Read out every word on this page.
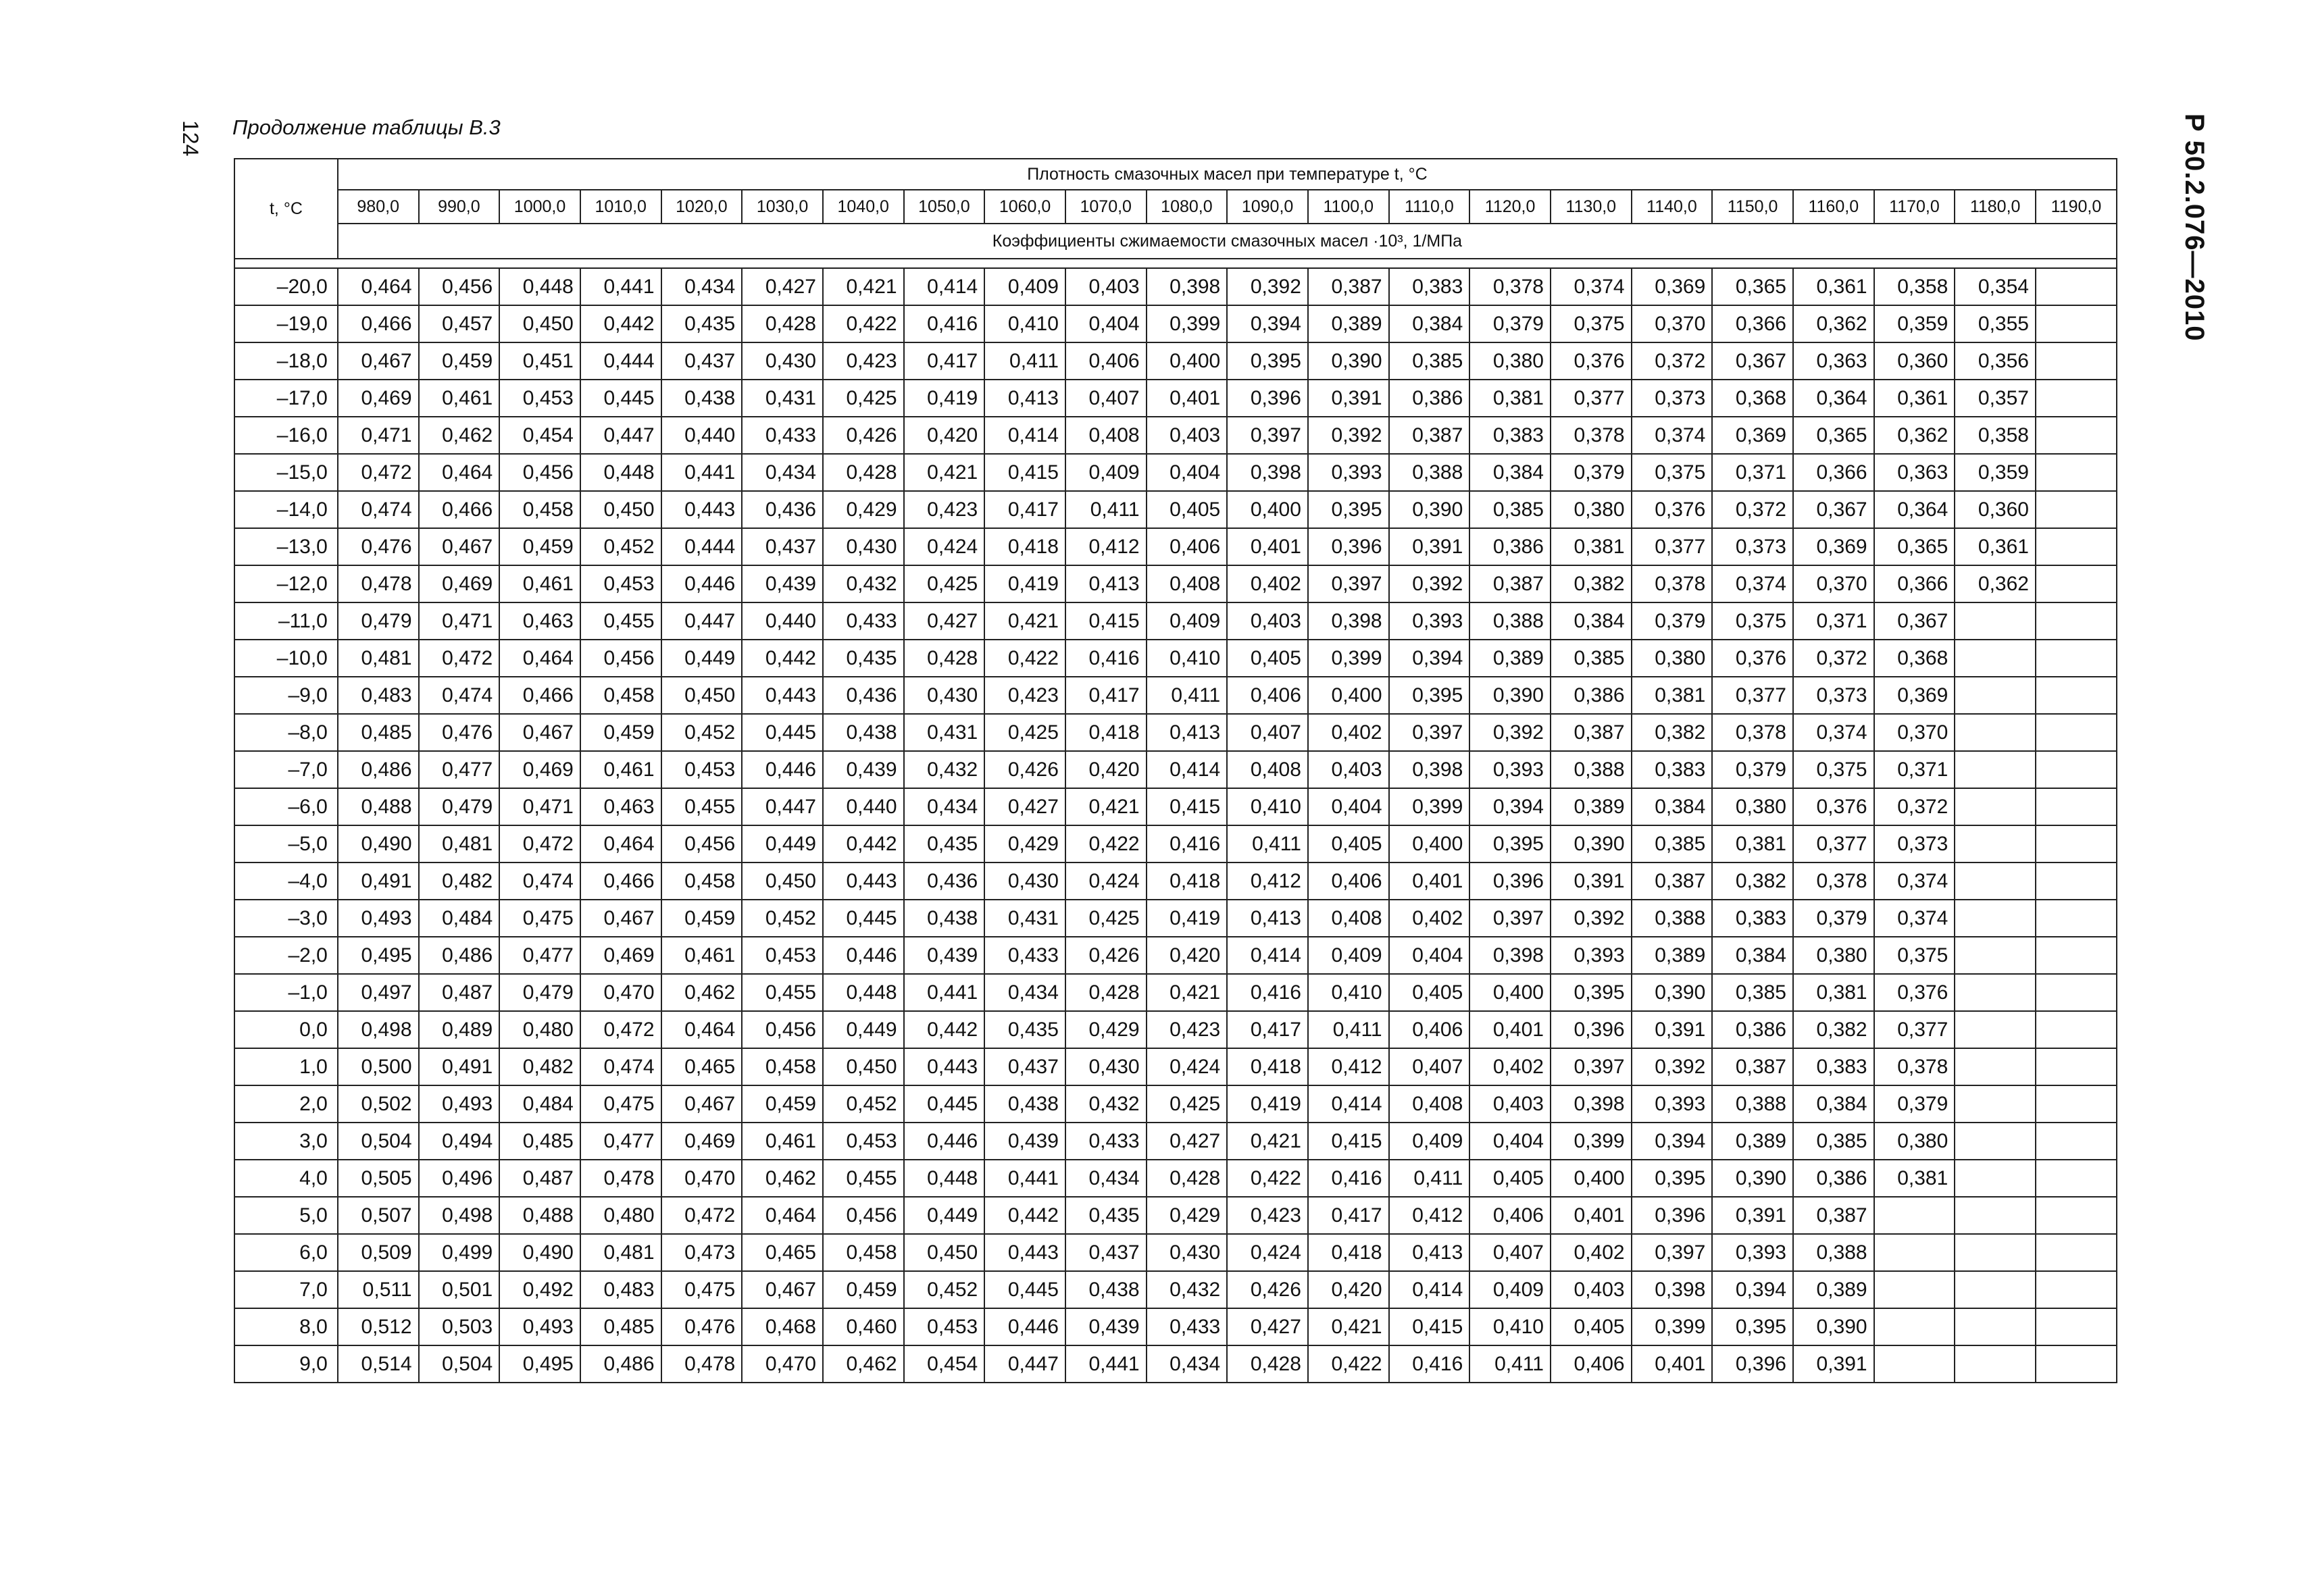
124 Продолжение таблицы В.3	Р 50.2.076—2010
t, °C	Плотность смазочных масел при температуре t, °C																					
	980,0	990,0	1000,0	1010,0	1020,0	1030,0	1040,0	1050,0	1060,0	1070,0	1080,0	1090,0	1100,0	1110,0	1120,0	1130,0	1140,0	1150,0	1160,0	1170,0	1180,0	1190,0
	Коэффициенты сжимаемости смазочных масел ·10³, 1/МПа																					

–20,0	0,464	0,456	0,448	0,441	0,434	0,427	0,421	0,414	0,409	0,403	0,398	0,392	0,387	0,383	0,378	0,374	0,369	0,365	0,361	0,358	0,354	
–19,0	0,466	0,457	0,450	0,442	0,435	0,428	0,422	0,416	0,410	0,404	0,399	0,394	0,389	0,384	0,379	0,375	0,370	0,366	0,362	0,359	0,355	
–18,0	0,467	0,459	0,451	0,444	0,437	0,430	0,423	0,417	0,411	0,406	0,400	0,395	0,390	0,385	0,380	0,376	0,372	0,367	0,363	0,360	0,356	
–17,0	0,469	0,461	0,453	0,445	0,438	0,431	0,425	0,419	0,413	0,407	0,401	0,396	0,391	0,386	0,381	0,377	0,373	0,368	0,364	0,361	0,357	
–16,0	0,471	0,462	0,454	0,447	0,440	0,433	0,426	0,420	0,414	0,408	0,403	0,397	0,392	0,387	0,383	0,378	0,374	0,369	0,365	0,362	0,358	
–15,0	0,472	0,464	0,456	0,448	0,441	0,434	0,428	0,421	0,415	0,409	0,404	0,398	0,393	0,388	0,384	0,379	0,375	0,371	0,366	0,363	0,359	
–14,0	0,474	0,466	0,458	0,450	0,443	0,436	0,429	0,423	0,417	0,411	0,405	0,400	0,395	0,390	0,385	0,380	0,376	0,372	0,367	0,364	0,360	
–13,0	0,476	0,467	0,459	0,452	0,444	0,437	0,430	0,424	0,418	0,412	0,406	0,401	0,396	0,391	0,386	0,381	0,377	0,373	0,369	0,365	0,361	
–12,0	0,478	0,469	0,461	0,453	0,446	0,439	0,432	0,425	0,419	0,413	0,408	0,402	0,397	0,392	0,387	0,382	0,378	0,374	0,370	0,366	0,362	
–11,0	0,479	0,471	0,463	0,455	0,447	0,440	0,433	0,427	0,421	0,415	0,409	0,403	0,398	0,393	0,388	0,384	0,379	0,375	0,371	0,367		
–10,0	0,481	0,472	0,464	0,456	0,449	0,442	0,435	0,428	0,422	0,416	0,410	0,405	0,399	0,394	0,389	0,385	0,380	0,376	0,372	0,368		
–9,0	0,483	0,474	0,466	0,458	0,450	0,443	0,436	0,430	0,423	0,417	0,411	0,406	0,400	0,395	0,390	0,386	0,381	0,377	0,373	0,369		
–8,0	0,485	0,476	0,467	0,459	0,452	0,445	0,438	0,431	0,425	0,418	0,413	0,407	0,402	0,397	0,392	0,387	0,382	0,378	0,374	0,370		
–7,0	0,486	0,477	0,469	0,461	0,453	0,446	0,439	0,432	0,426	0,420	0,414	0,408	0,403	0,398	0,393	0,388	0,383	0,379	0,375	0,371		
–6,0	0,488	0,479	0,471	0,463	0,455	0,447	0,440	0,434	0,427	0,421	0,415	0,410	0,404	0,399	0,394	0,389	0,384	0,380	0,376	0,372		
–5,0	0,490	0,481	0,472	0,464	0,456	0,449	0,442	0,435	0,429	0,422	0,416	0,411	0,405	0,400	0,395	0,390	0,385	0,381	0,377	0,373		
–4,0	0,491	0,482	0,474	0,466	0,458	0,450	0,443	0,436	0,430	0,424	0,418	0,412	0,406	0,401	0,396	0,391	0,387	0,382	0,378	0,374		
–3,0	0,493	0,484	0,475	0,467	0,459	0,452	0,445	0,438	0,431	0,425	0,419	0,413	0,408	0,402	0,397	0,392	0,388	0,383	0,379	0,374		
–2,0	0,495	0,486	0,477	0,469	0,461	0,453	0,446	0,439	0,433	0,426	0,420	0,414	0,409	0,404	0,398	0,393	0,389	0,384	0,380	0,375		
–1,0	0,497	0,487	0,479	0,470	0,462	0,455	0,448	0,441	0,434	0,428	0,421	0,416	0,410	0,405	0,400	0,395	0,390	0,385	0,381	0,376		
0,0	0,498	0,489	0,480	0,472	0,464	0,456	0,449	0,442	0,435	0,429	0,423	0,417	0,411	0,406	0,401	0,396	0,391	0,386	0,382	0,377		
1,0	0,500	0,491	0,482	0,474	0,465	0,458	0,450	0,443	0,437	0,430	0,424	0,418	0,412	0,407	0,402	0,397	0,392	0,387	0,383	0,378		
2,0	0,502	0,493	0,484	0,475	0,467	0,459	0,452	0,445	0,438	0,432	0,425	0,419	0,414	0,408	0,403	0,398	0,393	0,388	0,384	0,379		
3,0	0,504	0,494	0,485	0,477	0,469	0,461	0,453	0,446	0,439	0,433	0,427	0,421	0,415	0,409	0,404	0,399	0,394	0,389	0,385	0,380		
4,0	0,505	0,496	0,487	0,478	0,470	0,462	0,455	0,448	0,441	0,434	0,428	0,422	0,416	0,411	0,405	0,400	0,395	0,390	0,386	0,381		
5,0	0,507	0,498	0,488	0,480	0,472	0,464	0,456	0,449	0,442	0,435	0,429	0,423	0,417	0,412	0,406	0,401	0,396	0,391	0,387			
6,0	0,509	0,499	0,490	0,481	0,473	0,465	0,458	0,450	0,443	0,437	0,430	0,424	0,418	0,413	0,407	0,402	0,397	0,393	0,388			
7,0	0,511	0,501	0,492	0,483	0,475	0,467	0,459	0,452	0,445	0,438	0,432	0,426	0,420	0,414	0,409	0,403	0,398	0,394	0,389			
8,0	0,512	0,503	0,493	0,485	0,476	0,468	0,460	0,453	0,446	0,439	0,433	0,427	0,421	0,415	0,410	0,405	0,399	0,395	0,390			
9,0	0,514	0,504	0,495	0,486	0,478	0,470	0,462	0,454	0,447	0,441	0,434	0,428	0,422	0,416	0,411	0,406	0,401	0,396	0,391			
